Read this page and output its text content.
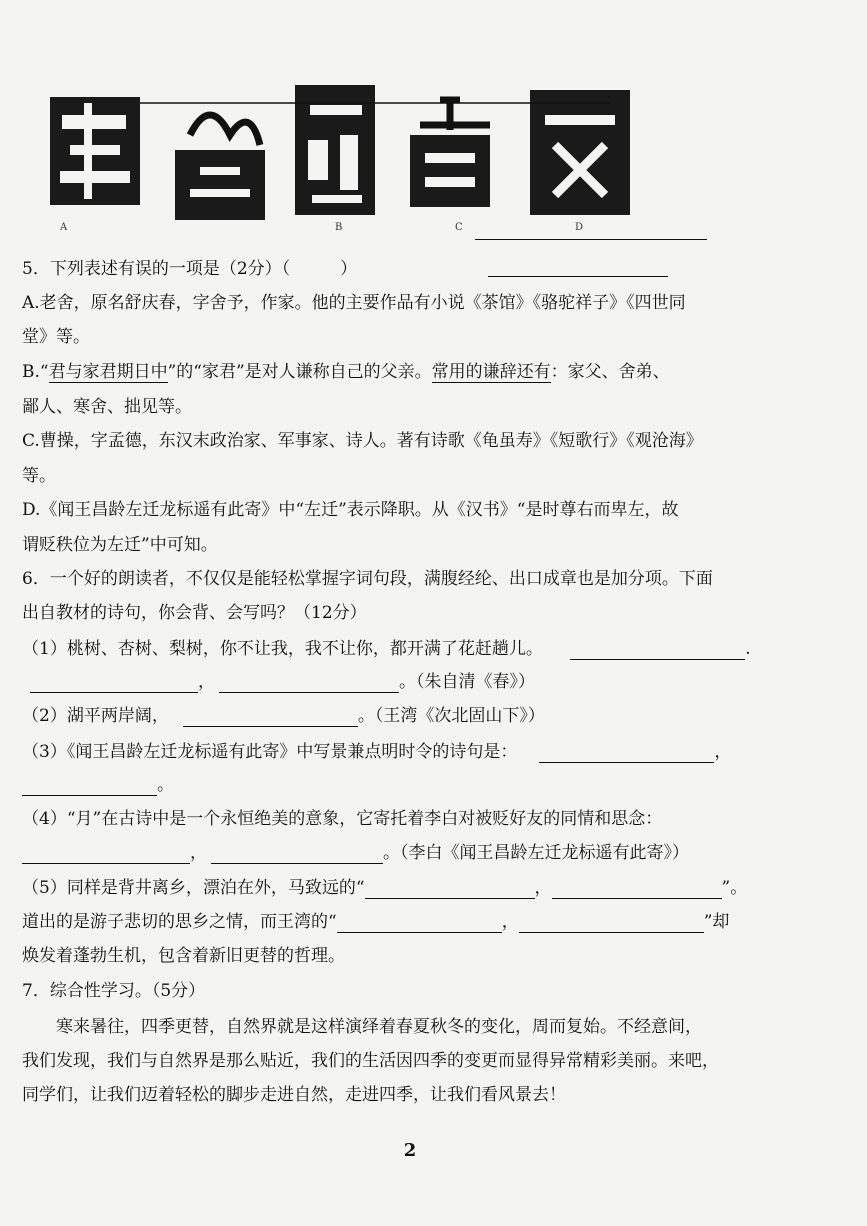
A	B	C	D
5．下列表述有误的一项是（2分）（	）
A.老舍，原名舒庆春，字舍予，作家。他的主要作品有小说《茶馆》《骆驼祥子》《四世同
堂》等。
B.“君与家君期日中”的“家君”是对人谦称自己的父亲。常用的谦辞还有：家父、舍弟、
鄙人、寒舍、拙见等。
C.曹操，字孟德，东汉末政治家、军事家、诗人。著有诗歌《龟虽寿》《短歌行》《观沧海》
等。
D.《闻王昌龄左迁龙标遥有此寄》中“左迁”表示降职。从《汉书》“是时尊右而卑左，故
谓贬秩位为左迁”中可知。
6．一个好的朗读者，不仅仅是能轻松掌握字词句段，满腹经纶、出口成章也是加分项。下面
出自教材的诗句，你会背、会写吗？（12分）
（1）桃树、杏树、梨树，你不让我，我不让你，都开满了花赶趟儿。	.
，	。（朱自清《春》）
（2）湖平两岸阔，	。（王湾《次北固山下》）
（3）《闻王昌龄左迁龙标遥有此寄》中写景兼点明时令的诗句是：	，
。
（4）“月”在古诗中是一个永恒绝美的意象，它寄托着李白对被贬好友的同情和思念：
，	。（李白《闻王昌龄左迁龙标遥有此寄》）
（5）同样是背井离乡，漂泊在外，马致远的“	，	”。
道出的是游子悲切的思乡之情，而王湾的“	，	”却
焕发着蓬勃生机，包含着新旧更替的哲理。
7．综合性学习。（5分）
寒来暑往，四季更替，自然界就是这样演绎着春夏秋冬的变化，周而复始。不经意间，
我们发现，我们与自然界是那么贴近，我们的生活因四季的变更而显得异常精彩美丽。来吧，
同学们，让我们迈着轻松的脚步走进自然，走进四季，让我们看风景去！
2
